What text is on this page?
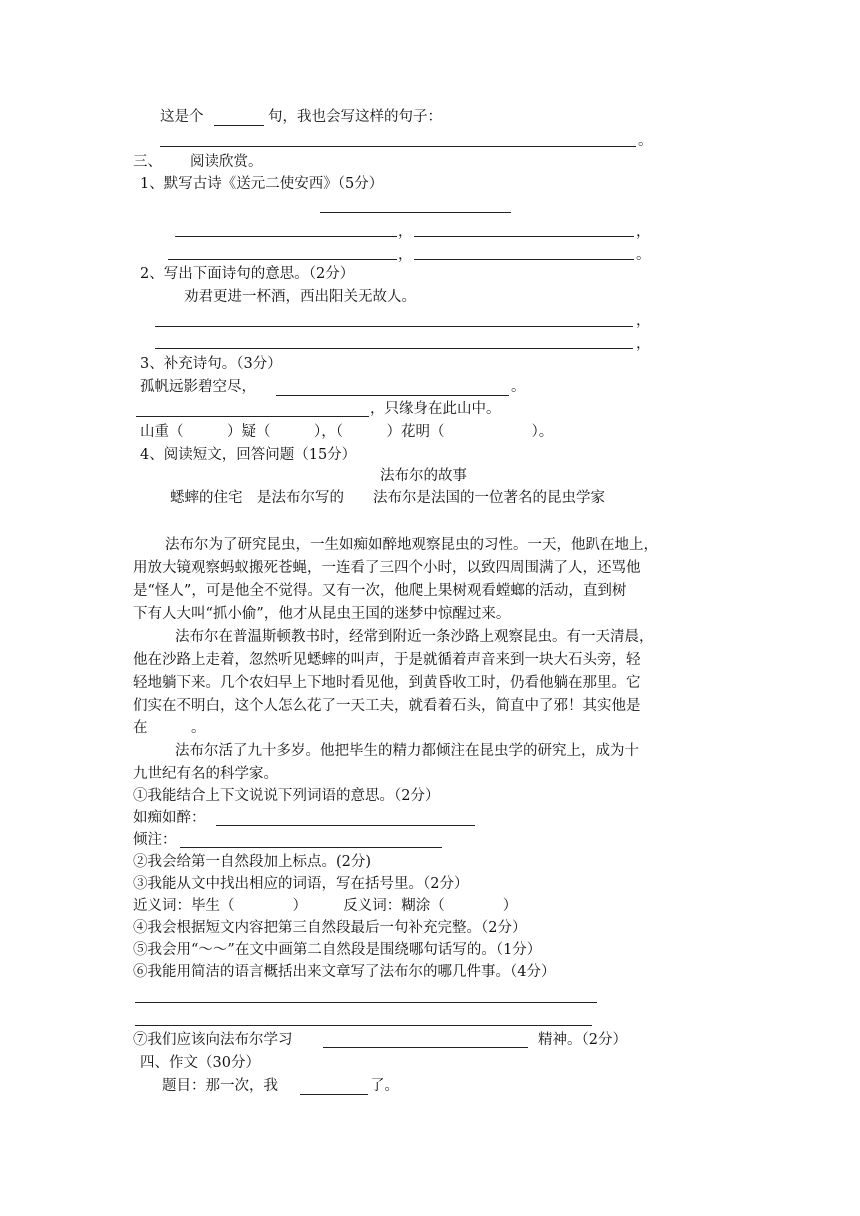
这是个	句，我也会写这样的句子：
。
三、 阅读欣赏。
1、默写古诗《送元二使安西》（5分）
，	，
，	。
2、写出下面诗句的意思。（2分）
劝君更进一杯酒，西出阳关无故人。
，
，
3、补充诗句。（3分）
孤帆远影碧空尽，	。
，只缘身在此山中。
山重（　　　）疑（　　　），（　　　）花明（　　　　　　）。
4、阅读短文，回答问题（15分）
法布尔的故事
蟋蟀的住宅　是法布尔写的　　法布尔是法国的一位著名的昆虫学家
法布尔为了研究昆虫，一生如痴如醉地观察昆虫的习性。一天，他趴在地上，
用放大镜观察蚂蚁搬死苍蝇，一连看了三四个小时，以致四周围满了人，还骂他
是“怪人”，可是他全不觉得。又有一次，他爬上果树观看螳螂的活动，直到树
下有人大叫“抓小偷”，他才从昆虫王国的迷梦中惊醒过来。
法布尔在普温斯顿教书时，经常到附近一条沙路上观察昆虫。有一天清晨，
他在沙路上走着，忽然听见蟋蟀的叫声，于是就循着声音来到一块大石头旁，轻
轻地躺下来。几个农妇早上下地时看见他，到黄昏收工时，仍看他躺在那里。它
们实在不明白，这个人怎么花了一天工夫，就看着石头，简直中了邪！其实他是
在　　　。
法布尔活了九十多岁。他把毕生的精力都倾注在昆虫学的研究上，成为十
九世纪有名的科学家。
①我能结合上下文说说下列词语的意思。（2分）
如痴如醉：
倾注：
②我会给第一自然段加上标点。(2分)
③我能从文中找出相应的词语，写在括号里。（2分）
近义词：毕生（　　　　）　　　反义词：糊涂（　　　　）
④我会根据短文内容把第三自然段最后一句补充完整。（2分）
⑤我会用“～～”在文中画第二自然段是围绕哪句话写的。（1分）
⑥我能用简洁的语言概括出来文章写了法布尔的哪几件事。（4分）
⑦我们应该向法布尔学习	精神。（2分）
四、作文（30分）
题目：那一次，我	了。
